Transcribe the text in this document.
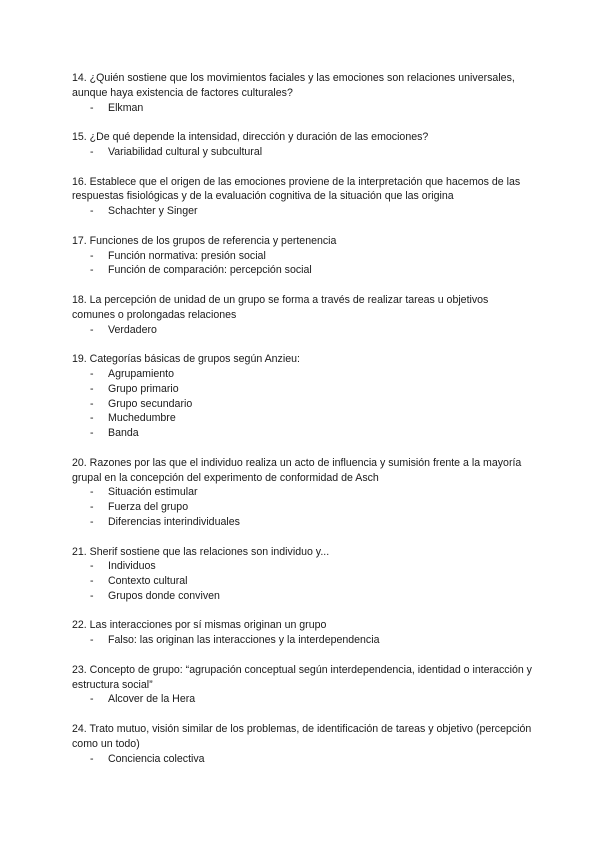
14. ¿Quién sostiene que los movimientos faciales y las emociones son relaciones universales, aunque haya existencia de factores culturales?

- Elkman

15. ¿De qué depende la intensidad, dirección y duración de las emociones?

- Variabilidad cultural y subcultural

16. Establece que el origen de las emociones proviene de la interpretación que hacemos de las respuestas fisiológicas y de la evaluación cognitiva de la situación que las origina

- Schachter y Singer

17. Funciones de los grupos de referencia y pertenencia

- Función normativa: presión social
- Función de comparación: percepción social

18. La percepción de unidad de un grupo se forma a través de realizar tareas u objetivos comunes o prolongadas relaciones

- Verdadero

19. Categorías básicas de grupos según Anzieu:

- Agrupamiento
- Grupo primario
- Grupo secundario
- Muchedumbre
- Banda

20. Razones por las que el individuo realiza un acto de influencia y sumisión frente a la mayoría grupal en la concepción del experimento de conformidad de Asch

- Situación estimular
- Fuerza del grupo
- Diferencias interindividuales

21. Sherif sostiene que las relaciones son individuo y...

- Individuos
- Contexto cultural
- Grupos donde conviven

22. Las interacciones por sí mismas originan un grupo

- Falso: las originan las interacciones y la interdependencia

23. Concepto de grupo: “agrupación conceptual según interdependencia, identidad o interacción y estructura social”

- Alcover de la Hera

24. Trato mutuo, visión similar de los problemas, de identificación de tareas y objetivo (percepción como un todo)

- Conciencia colectiva
